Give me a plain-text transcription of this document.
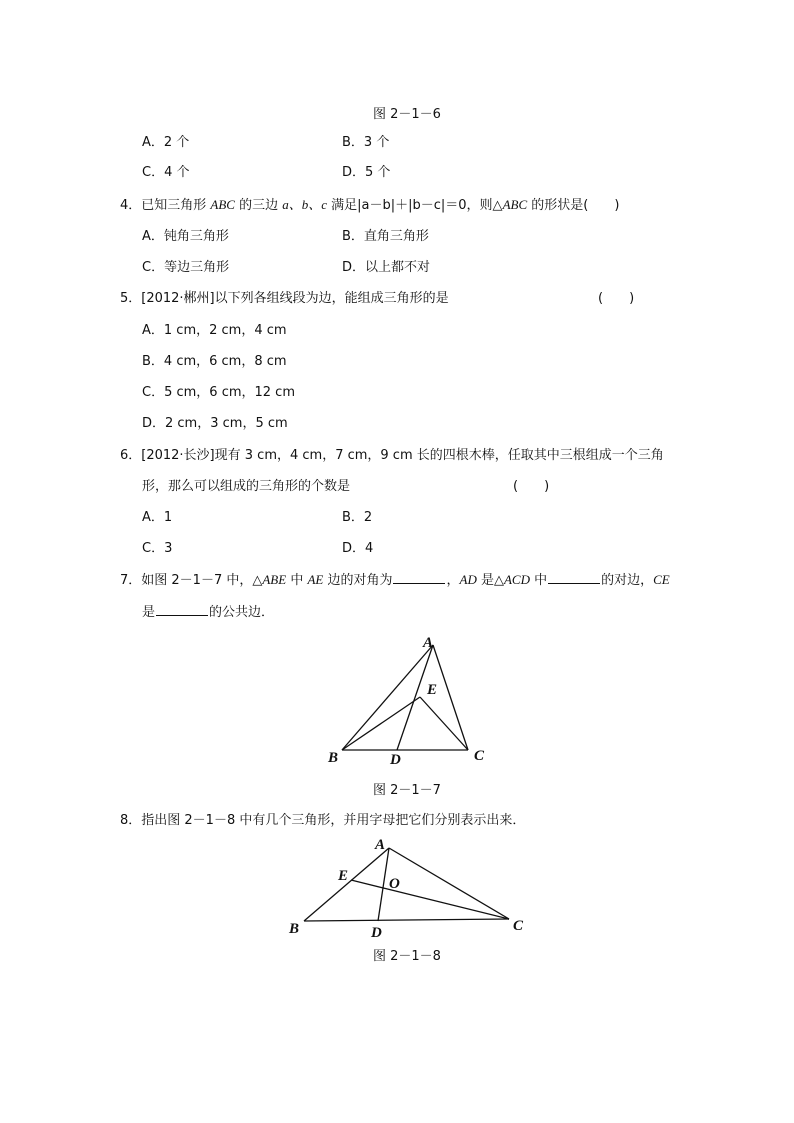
图 2－1－6
A．2 个	B．3 个
C．4 个	D．5 个
4．已知三角形 ABC 的三边 a、b、c 满足|a－b|＋|b－c|＝0，则△ABC 的形状是(　　)
A．钝角三角形	B．直角三角形
C．等边三角形	D．以上都不对
5．[2012·郴州]以下列各组线段为边，能组成三角形的是	(　　)
A．1 cm，2 cm，4 cm
B．4 cm，6 cm，8 cm
C．5 cm，6 cm，12 cm
D．2 cm，3 cm，5 cm
6．[2012·长沙]现有 3 cm，4 cm，7 cm，9 cm 长的四根木棒，任取其中三根组成一个三角
形，那么可以组成的三角形的个数是	(　　)
A．1	B．2
C．3	D．4
7．如图 2－1－7 中，△ABE 中 AE 边的对角为	，AD 是△ACD 中	的对边，CE
是	的公共边．
A
E
B	D	C
图 2－1－7
8．指出图 2－1－8 中有几个三角形，并用字母把它们分别表示出来．
A
E	O
B	D	C
图 2－1－8
